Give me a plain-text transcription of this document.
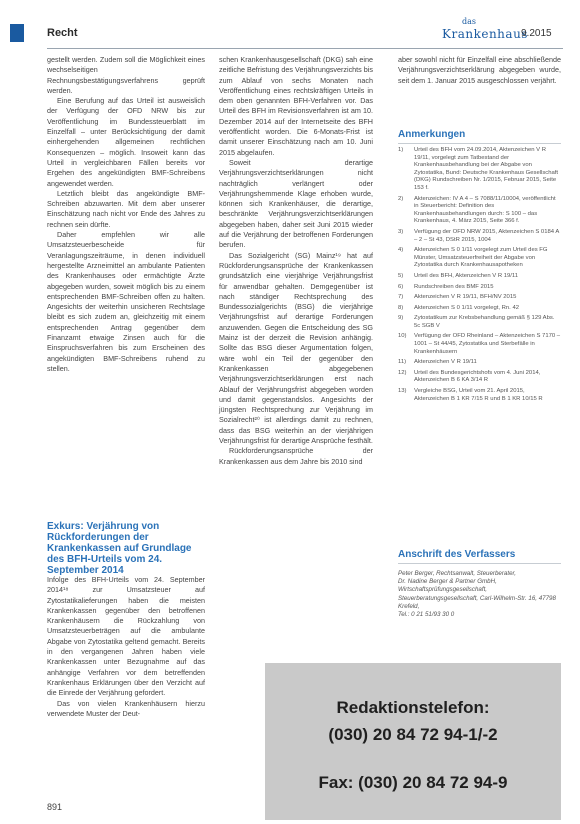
Recht
das
Krankenhaus
9.2015

gestellt werden. Zudem soll die Möglichkeit eines wechselseitigen Rechnungsbestätigungsverfahrens geprüft werden.

Eine Berufung auf das Urteil ist ausweislich der Verfügung der OFD NRW bis zur Veröffentlichung im Bundessteuerblatt im Einzelfall – unter Berücksichtigung der damit einhergehenden allgemeinen rechtlichen Konsequenzen – möglich. Insoweit kann das Urteil in vergleichbaren Fällen bereits vor Ergehen des angekündigten BMF-Schreibens angewendet werden.

Letztlich bleibt das angekündigte BMF-Schreiben abzuwarten. Mit dem aber unserer Einschätzung nach nicht vor Ende des Jahres zu rechnen sein dürfte.

Daher empfehlen wir alle Umsatzsteuerbescheide für Veranlagungszeiträume, in denen individuell hergestellte Arzneimittel an ambulante Patienten des Krankenhauses oder ermächtigte Ärzte abgegeben wurden, soweit möglich bis zu einem entsprechenden BMF-Schreiben offen zu halten. Angesichts der weiterhin unsicheren Rechtslage bleibt es sich zudem an, gleichzeitig mit einem entsprechenden Antrag gegenüber dem Finanzamt etwaige Zinsen auch für die Einspruchsverfahren bis zum Erscheinen des angekündigten BMF-Schreibens ruhend zu stellen.

Exkurs: Verjährung von Rückforderungen der Krankenkassen auf Grundlage des BFH-Urteils vom 24. September 2014

Infolge des BFH-Urteils vom 24. September 2014¹⁸ zur Umsatzsteuer auf Zytostatikalieferungen haben die meisten Krankenkassen gegenüber den betroffenen Krankenhäusern die Rückzahlung von Umsatzsteuerbeträgen auf die ambulante Abgabe von Zytostatika geltend gemacht. Bereits in den vergangenen Jahren haben viele Krankenkassen unter Bezugnahme auf das anhängige Verfahren vor dem betreffenden Krankenhaus Erklärungen über den Verzicht auf die Einrede der Verjährung gefordert.

Das von vielen Krankenhäusern hierzu verwendete Muster der Deut-

schen Krankenhausgesellschaft (DKG) sah eine zeitliche Befristung des Verjährungsverzichts bis zum Ablauf von sechs Monaten nach Veröffentlichung eines rechtskräftigen Urteils in dem oben genannten BFH-Verfahren vor. Das Urteil des BFH im Revisionsverfahren ist am 10. Dezember 2014 auf der Internetseite des BFH veröffentlicht worden. Die 6-Monats-Frist ist damit unserer Einschätzung nach am 10. Juni 2015 abgelaufen.

Soweit derartige Verjährungsverzichtserklärungen nicht nachträglich verlängert oder Verjährungshemmende Klage erhoben wurde, können sich Krankenhäuser, die derartige, beschränkte Verjährungsverzichtserklärungen abgegeben haben, daher seit Juni 2015 wieder auf die Verjährung der betroffenen Forderungen berufen.

Das Sozialgericht (SG) Mainz¹⁹ hat auf Rückforderungsansprüche der Krankenkassen grundsätzlich eine vierjährige Verjährungsfrist für anwendbar gehalten. Demgegenüber ist nach ständiger Rechtsprechung des Bundessozialgerichts (BSG) die vierjährige Verjährungsfrist auf derartige Forderungen anzuwenden. Gegen die Entscheidung des SG Mainz ist der derzeit die Revision anhängig. Sollte das BSG dieser Argumentation folgen, wäre wohl ein Teil der gegenüber den Krankenkassen abgegebenen Verjährungsverzichtserklärungen erst nach Ablauf der Verjährungsfrist abgegeben worden und damit gegenstandslos. Angesichts der jüngsten Rechtsprechung zur Verjährung im Sozialrecht²⁰ ist allerdings damit zu rechnen, dass das BSG weiterhin an der vierjährigen Verjährungsfrist für derartige Ansprüche festhält.

Rückforderungsansprüche der Krankenkassen aus dem Jahre bis 2010 sind

aber sowohl nicht für Einzelfall eine abschließende Verjährungsverzichtserklärung abgegeben wurde, seit dem 1. Januar 2015 ausgeschlossen verjährt.

Anmerkungen
1) Urteil des BFH vom 24.09.2014, Aktenzeichen V R 19/11, vorgelegt zum Tatbestand der Krankenhausbehandlung bei der Abgabe von Zytostatika, Bund: Deutsche Krankenhaus Gesellschaft (DKG) Rundschreiben Nr. 1/2015, Februar 2015, Seite 153 f.
2) Aktenzeichen: IV A 4 – S 7088/11/10004, veröffentlicht in Steuerbericht: Definition des Krankenhausbehandlungen durch: S 100 – das Krankenhaus, 4. März 2015, Seite 366 f.
3) Verfügung der OFD NRW 2015, Aktenzeichen S 0184 A – 2 – St 43, DStR 2015, 1004
4) Aktenzeichen S 0 1/11 vorgelegt zum Urteil des FG Münster, Umsatzsteuerfreiheit der Abgabe von Zytostatika durch Krankenhausapotheken
5) Urteil des BFH, Aktenzeichen V R 19/11
6) Rundschreiben des BMF 2015
7) Aktenzeichen V R 19/11, BFH/NV 2015
8) Aktenzeichen S 0 1/11 vorgelegt, Rn. 42
9) Zytostatikum zur Krebsbehandlung gemäß § 129 Abs. 5c SGB V
10) Verfügung der OFD Rheinland – Aktenzeichen S 7170 – 1001 – St 44/45, Zytostatika und Sterbefälle in Krankenhäusern
11) Aktenzeichen V R 19/11
12) Urteil des Bundesgerichtshofs vom 4. Juni 2014, Aktenzeichen B 6 KA 3/14 R
13) Vergleiche BSG, Urteil vom 21. April 2015, Aktenzeichen B 1 KR 7/15 R und B 1 KR 10/15 R
Anschrift des Verfassers
Peter Berger, Rechtsanwalt, Steuerberater,
Dr. Nadine Berger & Partner GmbH, Wirtschaftsprüfungsgesellschaft, Steuerberatungsgesellschaft, Carl-Wilhelm-Str. 16, 47798 Krefeld,
Tel.: 0 21 51/93 30 0
Redaktionstelefon:
(030) 20 84 72 94-1/-2
Fax: (030) 20 84 72 94-9
891
